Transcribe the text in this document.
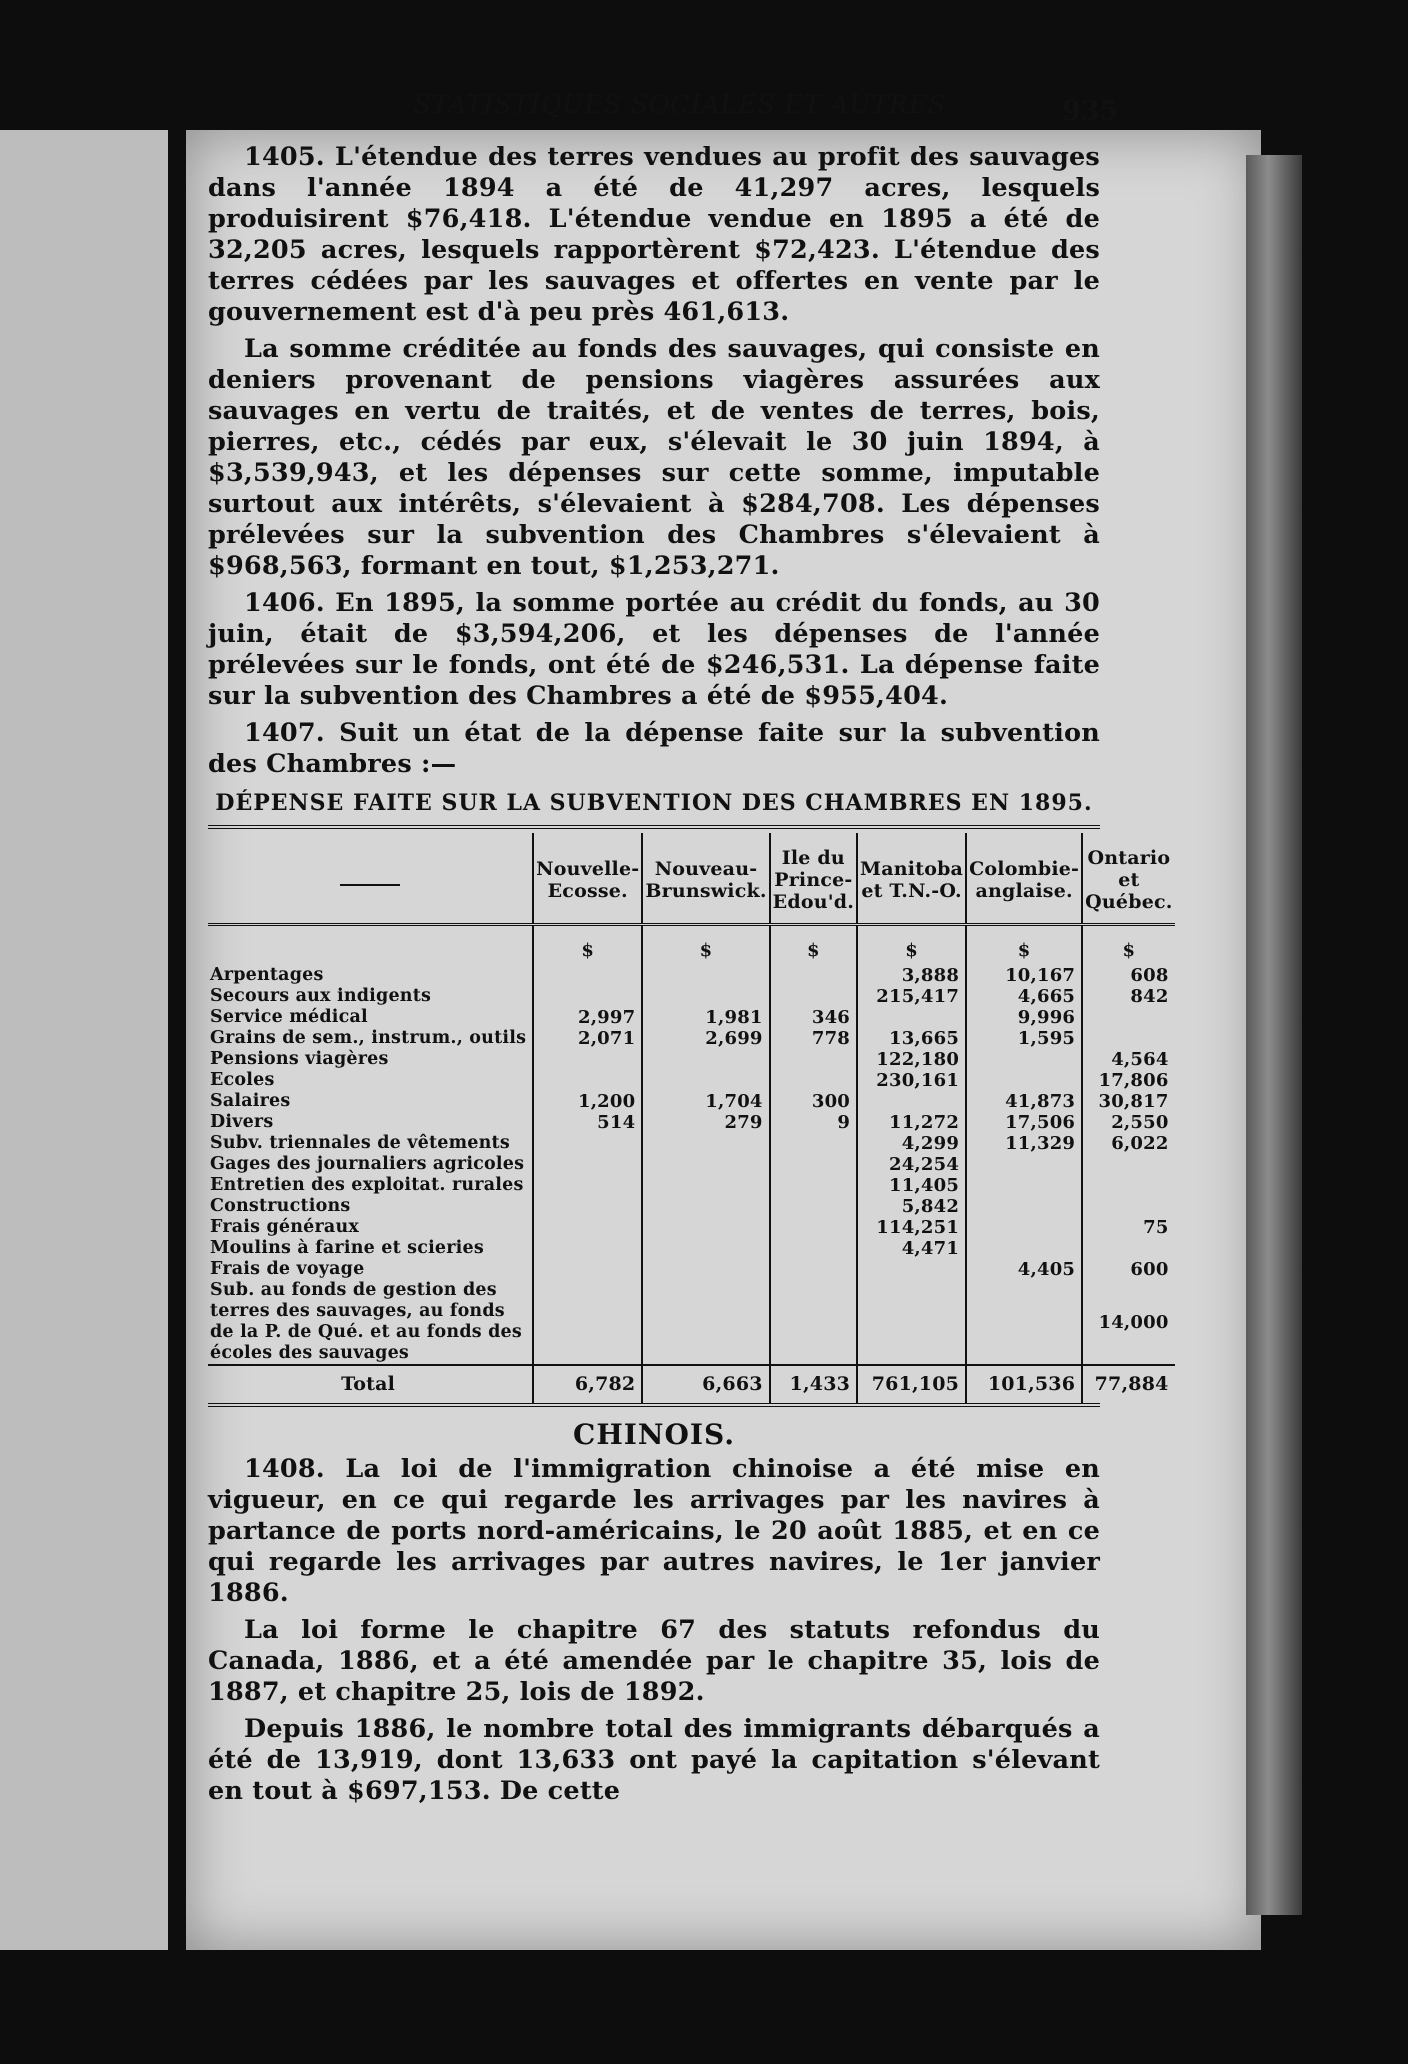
STATISTIQUES SOCIALES ET AUTRES	935

1405. L'étendue des terres vendues au profit des sauvages dans l'année 1894 a été de 41,297 acres, lesquels produisirent $76,418. L'étendue vendue en 1895 a été de 32,205 acres, lesquels rapportèrent $72,423. L'étendue des terres cédées par les sauvages et offertes en vente par le gouvernement est d'à peu près 461,613.

La somme créditée au fonds des sauvages, qui consiste en deniers provenant de pensions viagères assurées aux sauvages en vertu de traités, et de ventes de terres, bois, pierres, etc., cédés par eux, s'élevait le 30 juin 1894, à $3,539,943, et les dépenses sur cette somme, imputable surtout aux intérêts, s'élevaient à $284,708. Les dépenses prélevées sur la subvention des Chambres s'élevaient à $968,563, formant en tout, $1,253,271.

1406. En 1895, la somme portée au crédit du fonds, au 30 juin, était de $3,594,206, et les dépenses de l'année prélevées sur le fonds, ont été de $246,531. La dépense faite sur la subvention des Chambres a été de $955,404.

1407. Suit un état de la dépense faite sur la subvention des Chambres :—

DÉPENSE FAITE SUR LA SUBVENTION DES CHAMBRES EN 1895.
	Nouvelle-Ecosse.	Nouveau-Brunswick.	Ile du Prince-Edou'd.	Manitoba et T.N.-O.	Colombie-anglaise.	Ontario et Québec.
	$	$	$	$	$	$
Arpentages				3,888	10,167	608
Secours aux indigents				215,417	4,665	842
Service médical	2,997	1,981	346		9,996	
Grains de sem., instrum., outils	2,071	2,699	778	13,665	1,595	
Pensions viagères				122,180		4,564
Ecoles				230,161		17,806
Salaires	1,200	1,704	300		41,873	30,817
Divers	514	279	9	11,272	17,506	2,550
Subv. triennales de vêtements				4,299	11,329	6,022
Gages des journaliers agricoles				24,254		
Entretien des exploitat. rurales				11,405		
Constructions				5,842		
Frais généraux				114,251		75
Moulins à farine et scieries				4,471		
Frais de voyage					4,405	600
Sub. au fonds de gestion des terres des sauvages, au fonds de la P. de Qué. et au fonds des écoles des sauvages						14,000
Total	6,782	6,663	1,433	761,105	101,536	77,884
CHINOIS.

1408. La loi de l'immigration chinoise a été mise en vigueur, en ce qui regarde les arrivages par les navires à partance de ports nord-américains, le 20 août 1885, et en ce qui regarde les arrivages par autres navires, le 1er janvier 1886.

La loi forme le chapitre 67 des statuts refondus du Canada, 1886, et a été amendée par le chapitre 35, lois de 1887, et chapitre 25, lois de 1892.

Depuis 1886, le nombre total des immigrants débarqués a été de 13,919, dont 13,633 ont payé la capitation s'élevant en tout à $697,153. De cette
